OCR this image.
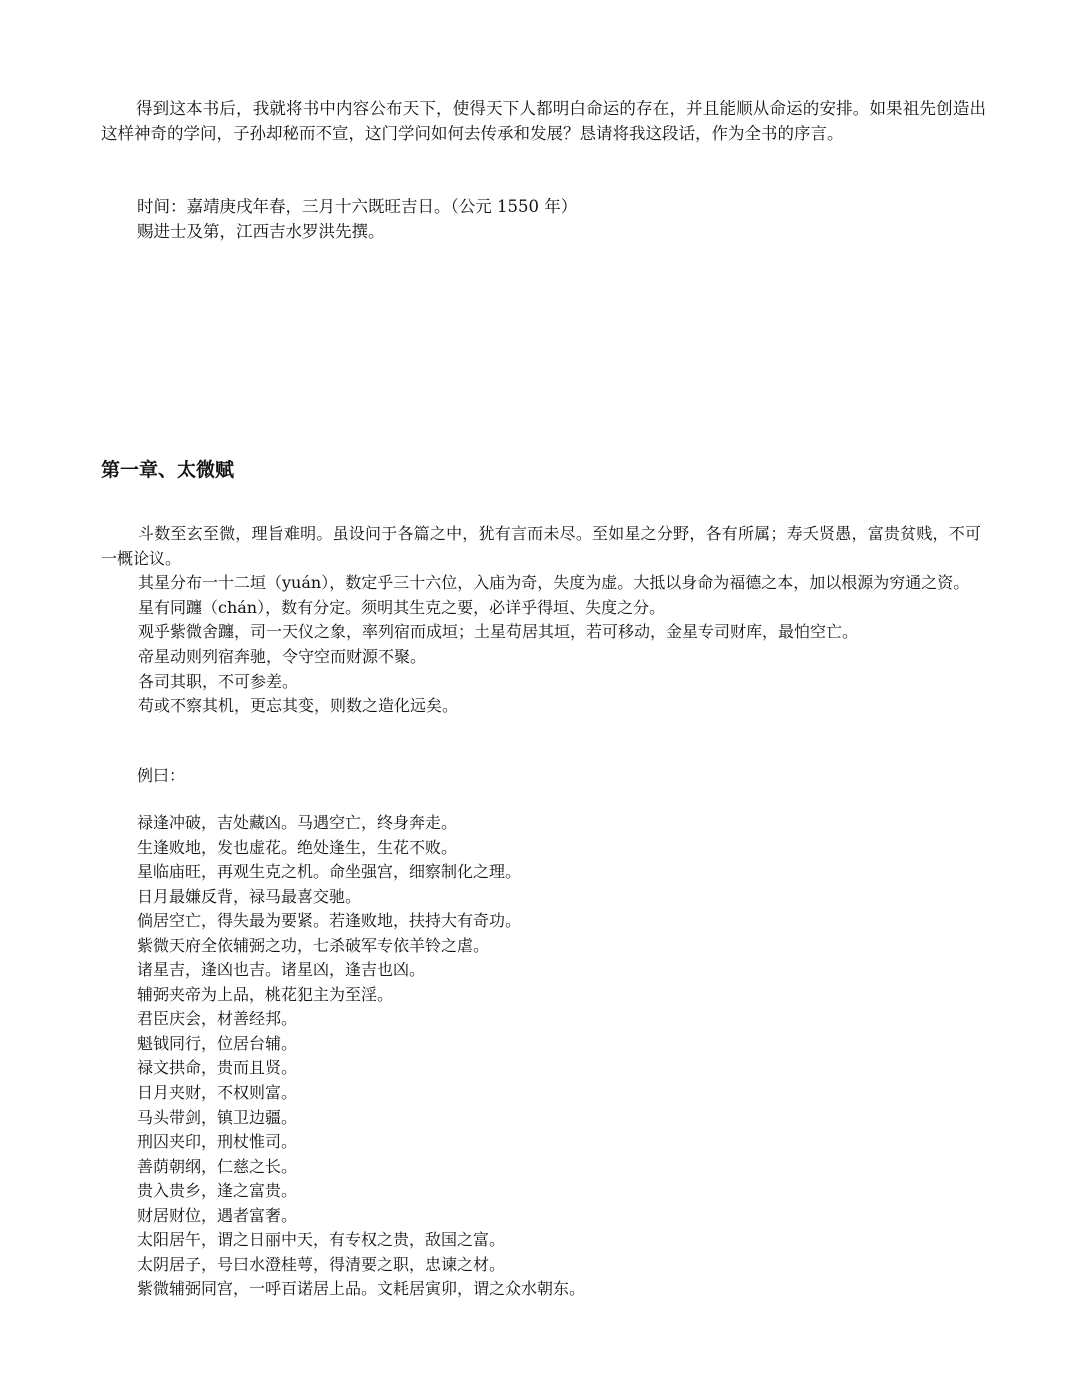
得到这本书后，我就将书中内容公布天下，使得天下人都明白命运的存在，并且能顺从命运的安排。如果祖先创造出这样神奇的学问，子孙却秘而不宣，这门学问如何去传承和发展？恳请将我这段话，作为全书的序言。

时间：嘉靖庚戌年春，三月十六既旺吉日。（公元 1550 年）
赐进士及第，江西吉水罗洪先撰。
第一章、太微赋

斗数至玄至微，理旨难明。虽设问于各篇之中，犹有言而未尽。至如星之分野，各有所属；寿夭贤愚，富贵贫贱，不可一概论议。

其星分布一十二垣（yuán），数定乎三十六位，入庙为奇，失度为虚。大抵以身命为福德之本，加以根源为穷通之资。

星有同躔（chán），数有分定。须明其生克之要，必详乎得垣、失度之分。

观乎紫微舍躔，司一天仪之象，率列宿而成垣；土星苟居其垣，若可移动，金星专司财库，最怕空亡。

帝星动则列宿奔驰，令守空而财源不聚。

各司其职，不可参差。

苟或不察其机，更忘其变，则数之造化远矣。

例曰：
禄逢冲破，吉处藏凶。马遇空亡，终身奔走。
生逢败地，发也虚花。绝处逢生，生花不败。
星临庙旺，再观生克之机。命坐强宫，细察制化之理。
日月最嫌反背，禄马最喜交驰。
倘居空亡，得失最为要紧。若逢败地，扶持大有奇功。
紫微天府全依辅弼之功，七杀破军专依羊铃之虐。
诸星吉，逢凶也吉。诸星凶，逢吉也凶。
辅弼夹帝为上品，桃花犯主为至淫。
君臣庆会，材善经邦。
魁钺同行，位居台辅。
禄文拱命，贵而且贤。
日月夹财，不权则富。
马头带剑，镇卫边疆。
刑囚夹印，刑杖惟司。
善荫朝纲，仁慈之长。
贵入贵乡，逢之富贵。
财居财位，遇者富奢。
太阳居午，谓之日丽中天，有专权之贵，敌国之富。
太阴居子，号曰水澄桂萼，得清要之职，忠谏之材。
紫微辅弼同宫，一呼百诺居上品。文耗居寅卯，谓之众水朝东。
